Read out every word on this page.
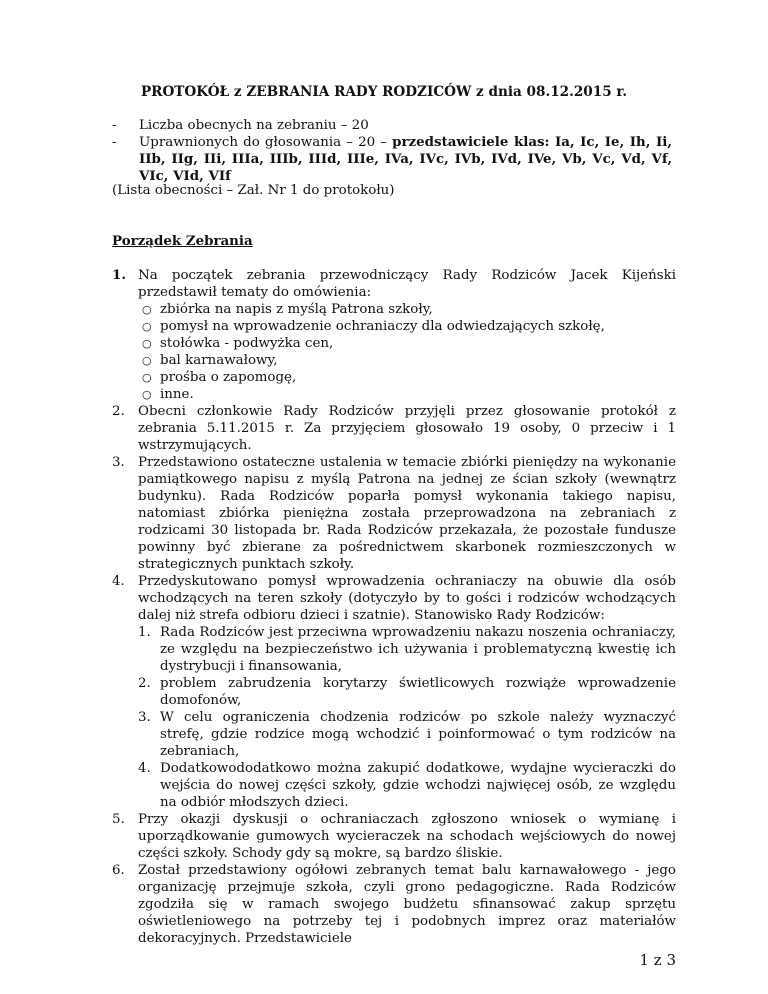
PROTOKÓŁ z ZEBRANIA RADY RODZICÓW z dnia 08.12.2015 r.
- Liczba obecnych na zebraniu – 20
- Uprawnionych do głosowania – 20 – przedstawiciele klas: Ia, Ic, Ie, Ih, Ii, IIb, IIg, IIi, IIIa, IIIb, IIId, IIIe, IVa, IVc, IVb, IVd, IVe, Vb, Vc, Vd, Vf, VIc, VId, VIf
(Lista obecności – Zał. Nr 1 do protokołu)
Porządek Zebrania
1. Na początek zebrania przewodniczący Rady Rodziców Jacek Kijeński przedstawił tematy do omówienia:
○ zbiórka na napis z myślą Patrona szkoły,
○ pomysł na wprowadzenie ochraniaczy dla odwiedzających szkołę,
○ stołówka - podwyżka cen,
○ bal karnawałowy,
○ prośba o zapomogę,
○ inne.
2. Obecni członkowie Rady Rodziców przyjęli przez głosowanie protokół z zebrania 5.11.2015 r. Za przyjęciem głosowało 19 osoby, 0 przeciw i 1 wstrzymujących.
3. Przedstawiono ostateczne ustalenia w temacie zbiórki pieniędzy na wykonanie pamiątkowego napisu z myślą Patrona na jednej ze ścian szkoły (wewnątrz budynku). Rada Rodziców poparła pomysł wykonania takiego napisu, natomiast zbiórka pieniężna została przeprowadzona na zebraniach z rodzicami 30 listopada br. Rada Rodziców przekazała, że pozostałe fundusze powinny być zbierane za pośrednictwem skarbonek rozmieszczonych w strategicznych punktach szkoły.
4. Przedyskutowano pomysł wprowadzenia ochraniaczy na obuwie dla osób wchodzących na teren szkoły (dotyczyło by to gości i rodziców wchodzących dalej niż strefa odbioru dzieci i szatnie). Stanowisko Rady Rodziców:
1. Rada Rodziców jest przeciwna wprowadzeniu nakazu noszenia ochraniaczy, ze względu na bezpieczeństwo ich używania i problematyczną kwestię ich dystrybucji i finansowania,
2. problem zabrudzenia korytarzy świetlicowych rozwiąże wprowadzenie domofonów,
3. W celu ograniczenia chodzenia rodziców po szkole należy wyznaczyć strefę, gdzie rodzice mogą wchodzić i poinformować o tym rodziców na zebraniach,
4. Dodatkowododatkowo można zakupić dodatkowe, wydajne wycieraczki do wejścia do nowej części szkoły, gdzie wchodzi najwięcej osób, ze względu na odbiór młodszych dzieci.
5. Przy okazji dyskusji o ochraniaczach zgłoszono wniosek o wymianę i uporządkowanie gumowych wycieraczek na schodach wejściowych do nowej części szkoły. Schody gdy są mokre, są bardzo śliskie.
6. Został przedstawiony ogółowi zebranych temat balu karnawałowego - jego organizację przejmuje szkoła, czyli grono pedagogiczne. Rada Rodziców zgodziła się w ramach swojego budżetu sfinansować zakup sprzętu oświetleniowego na potrzeby tej i podobnych imprez oraz materiałów dekoracyjnych. Przedstawiciele
1 z 3
